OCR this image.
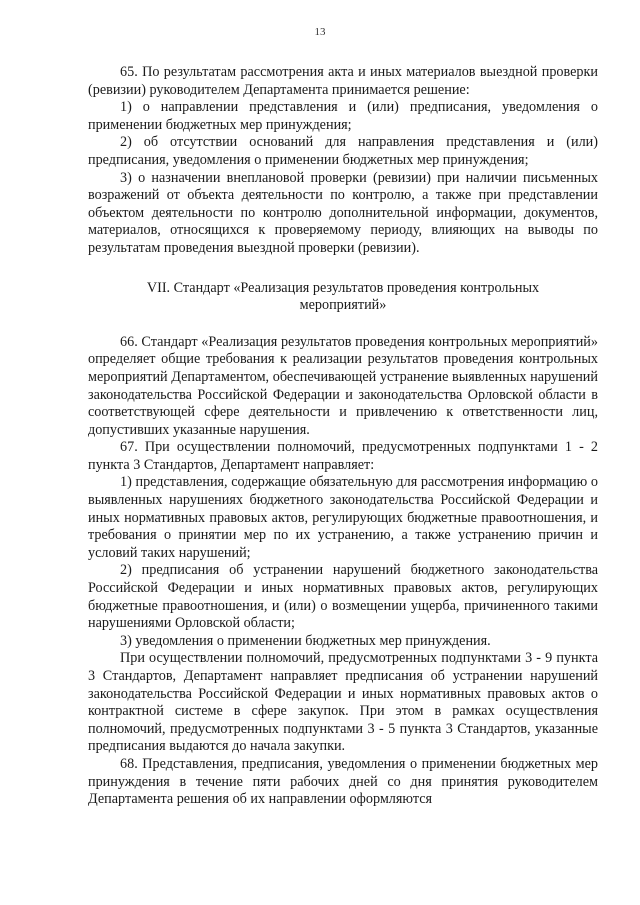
13

65. По результатам рассмотрения акта и иных материалов выездной проверки (ревизии) руководителем Департамента принимается решение:

1) о направлении представления и (или) предписания, уведомления о применении бюджетных мер принуждения;

2) об отсутствии оснований для направления представления и (или) предписания, уведомления о применении бюджетных мер принуждения;

3) о назначении внеплановой проверки (ревизии) при наличии письменных возражений от объекта деятельности по контролю, а также при представлении объектом деятельности по контролю дополнительной информации, документов, материалов, относящихся к проверяемому периоду, влияющих на выводы по результатам проведения выездной проверки (ревизии).

VII. Стандарт «Реализация результатов проведения контрольных мероприятий»

66. Стандарт «Реализация результатов проведения контрольных мероприятий» определяет общие требования к реализации результатов проведения контрольных мероприятий Департаментом, обеспечивающей устранение выявленных нарушений законодательства Российской Федерации и законодательства Орловской области в соответствующей сфере деятельности и привлечению к ответственности лиц, допустивших указанные нарушения.

67. При осуществлении полномочий, предусмотренных подпунктами 1 - 2 пункта 3 Стандартов, Департамент направляет:

1) представления, содержащие обязательную для рассмотрения информацию о выявленных нарушениях бюджетного законодательства Российской Федерации и иных нормативных правовых актов, регулирующих бюджетные правоотношения, и требования о принятии мер по их устранению, а также устранению причин и условий таких нарушений;

2) предписания об устранении нарушений бюджетного законодательства Российской Федерации и иных нормативных правовых актов, регулирующих бюджетные правоотношения, и (или) о возмещении ущерба, причиненного такими нарушениями Орловской области;

3) уведомления о применении бюджетных мер принуждения.

При осуществлении полномочий, предусмотренных подпунктами 3 - 9 пункта 3 Стандартов, Департамент направляет предписания об устранении нарушений законодательства Российской Федерации и иных нормативных правовых актов о контрактной системе в сфере закупок. При этом в рамках осуществления полномочий, предусмотренных подпунктами 3 - 5 пункта 3 Стандартов, указанные предписания выдаются до начала закупки.

68. Представления, предписания, уведомления о применении бюджетных мер принуждения в течение пяти рабочих дней со дня принятия руководителем Департамента решения об их направлении оформляются
